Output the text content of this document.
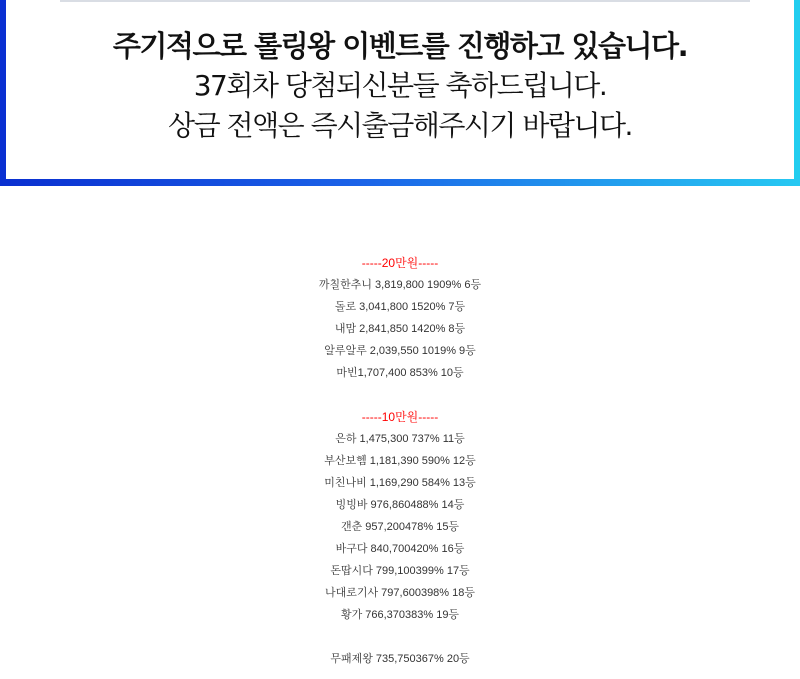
주기적으로 롤링왕 이벤트를 진행하고 있습니다.
37회차 당첨되신분들 축하드립니다.
상금 전액은 즉시출금해주시기 바랍니다.
-----20만원-----
까칠한추니 3,819,800 1909% 6등
돌로 3,041,800 1520% 7등
내맘 2,841,850 1420% 8등
알루알루 2,039,550 1019% 9등
마빈1,707,400 853% 10등
-----10만원-----
은하 1,475,300 737% 11등
부산보헴 1,181,390 590% 12등
미친나비 1,169,290 584% 13등
빙빙바 976,860488% 14등
갠춘 957,200478% 15등
바구다 840,700420% 16등
돈땁시다 799,100399% 17등
나대로기사 797,600398% 18등
황가 766,370383% 19등
무패제왕 735,750367% 20등
